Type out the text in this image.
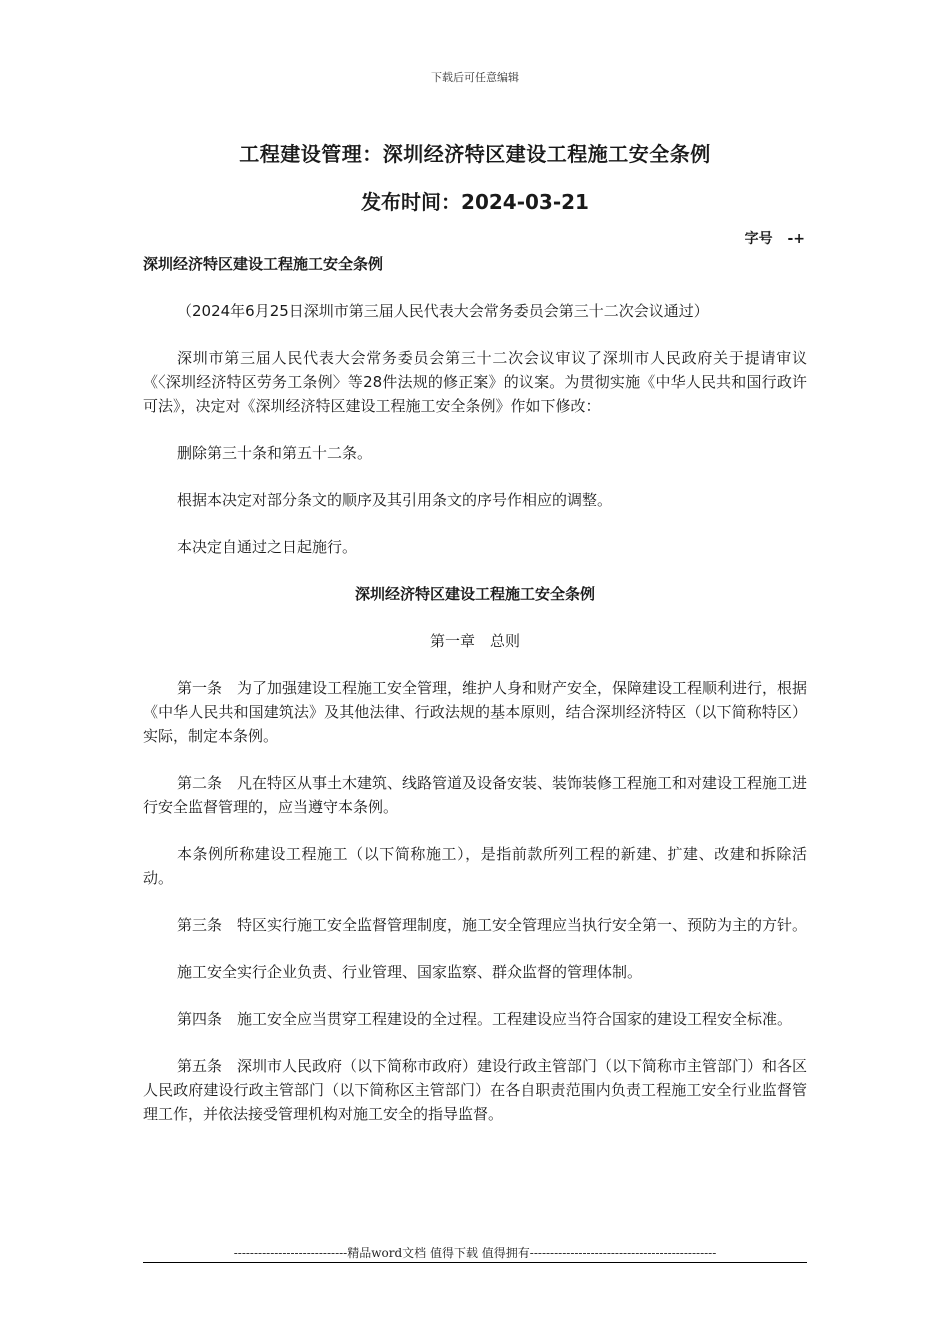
下载后可任意编辑
工程建设管理：深圳经济特区建设工程施工安全条例
发布时间：2024-03-21
字号 -+

深圳经济特区建设工程施工安全条例

（2024年6月25日深圳市第三届人民代表大会常务委员会第三十二次会议通过）

深圳市第三届人民代表大会常务委员会第三十二次会议审议了深圳市人民政府关于提请审议《〈深圳经济特区劳务工条例〉等28件法规的修正案》的议案。为贯彻实施《中华人民共和国行政许可法》，决定对《深圳经济特区建设工程施工安全条例》作如下修改：

删除第三十条和第五十二条。

根据本决定对部分条文的顺序及其引用条文的序号作相应的调整。

本决定自通过之日起施行。

深圳经济特区建设工程施工安全条例

第一章　总则

第一条　为了加强建设工程施工安全管理，维护人身和财产安全，保障建设工程顺利进行，根据《中华人民共和国建筑法》及其他法律、行政法规的基本原则，结合深圳经济特区（以下简称特区）实际，制定本条例。

第二条　凡在特区从事土木建筑、线路管道及设备安装、装饰装修工程施工和对建设工程施工进行安全监督管理的，应当遵守本条例。

本条例所称建设工程施工（以下简称施工），是指前款所列工程的新建、扩建、改建和拆除活动。

第三条　特区实行施工安全监督管理制度，施工安全管理应当执行安全第一、预防为主的方针。

施工安全实行企业负责、行业管理、国家监察、群众监督的管理体制。

第四条　施工安全应当贯穿工程建设的全过程。工程建设应当符合国家的建设工程安全标准。

第五条　深圳市人民政府（以下简称市政府）建设行政主管部门（以下简称市主管部门）和各区人民政府建设行政主管部门（以下简称区主管部门）在各自职责范围内负责工程施工安全行业监督管理工作，并依法接受管理机构对施工安全的指导监督。

----------------------------精品word文档 值得下载 值得拥有----------------------------------------------
